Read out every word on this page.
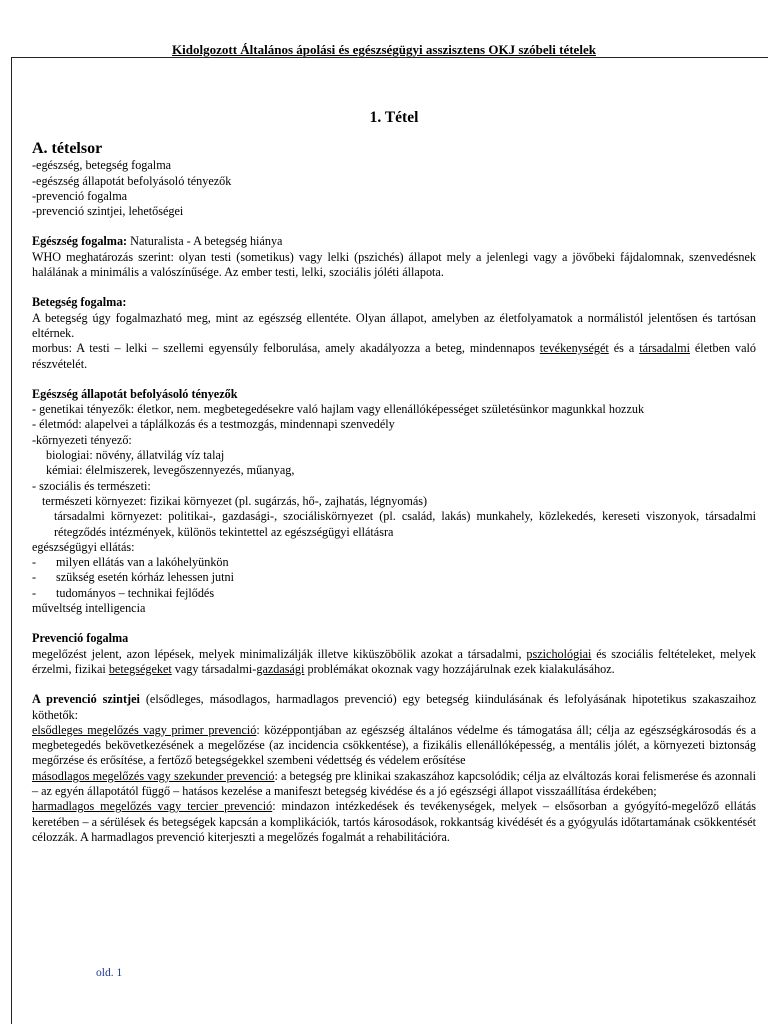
Kidolgozott Általános ápolási és egészségügyi asszisztens OKJ szóbeli tételek

1. Tétel

A. tételsor

-egészség, betegség fogalma

-egészség állapotát befolyásoló tényezők

-prevenció fogalma

-prevenció szintjei, lehetőségei

Egészség fogalma: Naturalista - A betegség hiánya

WHO meghatározás szerint: olyan testi (sometikus) vagy lelki (pszichés) állapot mely a jelenlegi vagy a jövőbeki fájdalomnak, szenvedésnek halálának a minimális a valószínűsége. Az ember testi, lelki, szociális jóléti állapota.

Betegség fogalma:

A betegség úgy fogalmazható meg, mint az egészség ellentéte. Olyan állapot, amelyben az életfolyamatok a normálistól jelentősen és tartósan eltérnek.

morbus: A testi – lelki – szellemi egyensúly felborulása, amely akadályozza a beteg, mindennapos tevékenységét és a társadalmi életben való részvételét.

Egészség állapotát befolyásoló tényezők

- genetikai tényezők: életkor, nem. megbetegedésekre való hajlam vagy ellenállóképességet születésünkor magunkkal hozzuk

- életmód: alapelvei a táplálkozás és a testmozgás, mindennapi szenvedély

-környezeti tényező:

biologiai: növény, állatvilág víz talaj

kémiai: élelmiszerek, levegőszennyezés, műanyag,

- szociális és természeti:

természeti környezet: fizikai környezet (pl. sugárzás, hő-, zajhatás, légnyomás)

társadalmi környezet: politikai-, gazdasági-, szociáliskörnyezet (pl. család, lakás) munkahely, közlekedés, kereseti viszonyok, társadalmi rétegződés intézmények, különös tekintettel az egészségügyi ellátásra

egészségügyi ellátás:

-	milyen ellátás van a lakóhelyünkön
-	szükség esetén kórház lehessen jutni
-	tudományos – technikai fejlődés

műveltség intelligencia

Prevenció fogalma

megelőzést jelent, azon lépések, melyek minimalizálják illetve kiküszöbölik azokat a társadalmi, pszichológiai és szociális feltételeket, melyek érzelmi, fizikai betegségeket vagy társadalmi-gazdasági problémákat okoznak vagy hozzájárulnak ezek kialakulásához.

A prevenció szintjei (elsődleges, másodlagos, harmadlagos prevenció) egy betegség kiindulásának és lefolyásának hipotetikus szakaszaihoz köthetők:

elsődleges megelőzés vagy primer prevenció: középpontjában az egészség általános védelme és támogatása áll; célja az egészségkárosodás és a megbetegedés bekövetkezésének a megelőzése (az incidencia csökkentése), a fizikális ellenállóképesség, a mentális jólét, a környezeti biztonság megőrzése és erősítése, a fertőző betegségekkel szembeni védettség és védelem erősítése

másodlagos megelőzés vagy szekunder prevenció: a betegség pre klinikai szakaszához kapcsolódik; célja az elváltozás korai felismerése és azonnali – az egyén állapotától függő – hatásos kezelése a manifeszt betegség kivédése és a jó egészségi állapot visszaállítása érdekében;

harmadlagos megelőzés vagy tercier prevenció: mindazon intézkedések és tevékenységek, melyek – elsősorban a gyógyító-megelőző ellátás keretében – a sérülések és betegségek kapcsán a komplikációk, tartós károsodások, rokkantság kivédését és a gyógyulás időtartamának csökkentését célozzák. A harmadlagos prevenció kiterjeszti a megelőzés fogalmát a rehabilitációra.

old. 1
